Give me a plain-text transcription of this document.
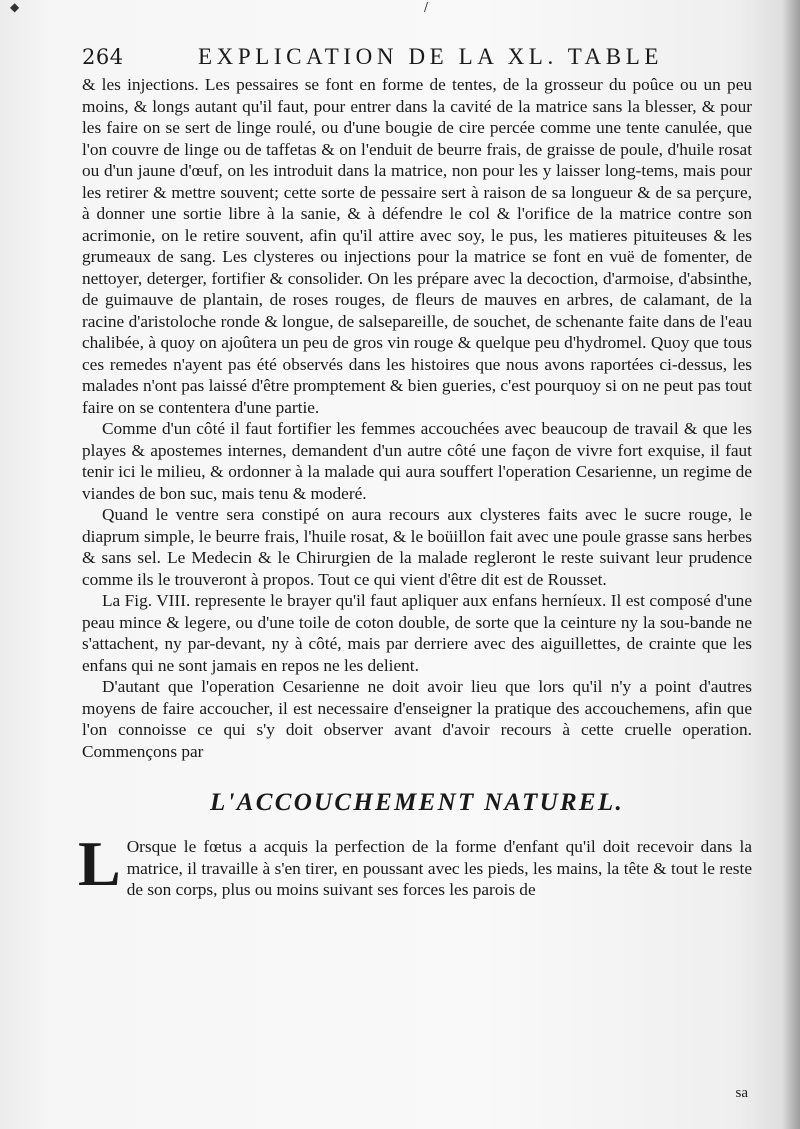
◆	/
264	EXPLICATION DE LA XL. TABLE

& les injections. Les pessaires se font en forme de tentes, de la grosseur du poûce ou un peu moins, & longs autant qu'il faut, pour entrer dans la cavité de la matrice sans la blesser, & pour les faire on se sert de linge roulé, ou d'une bougie de cire percée comme une tente canulée, que l'on couvre de linge ou de taffetas & on l'enduit de beurre frais, de graisse de poule, d'huile rosat ou d'un jaune d'œuf, on les introduit dans la matrice, non pour les y laisser long-tems, mais pour les retirer & mettre souvent; cette sorte de pessaire sert à raison de sa longueur & de sa perçure, à donner une sortie libre à la sanie, & à défendre le col & l'orifice de la matrice contre son acrimonie, on le retire souvent, afin qu'il attire avec soy, le pus, les matieres pituiteuses & les grumeaux de sang. Les clysteres ou injections pour la matrice se font en vuë de fomenter, de nettoyer, deterger, fortifier & consolider. On les prépare avec la decoction, d'armoise, d'absinthe, de guimauve de plantain, de roses rouges, de fleurs de mauves en arbres, de calamant, de la racine d'aristoloche ronde & longue, de salsepareille, de souchet, de schenante faite dans de l'eau chalibée, à quoy on ajoûtera un peu de gros vin rouge & quelque peu d'hydromel. Quoy que tous ces remedes n'ayent pas été observés dans les histoires que nous avons raportées ci-dessus, les malades n'ont pas laissé d'être promptement & bien gueries, c'est pourquoy si on ne peut pas tout faire on se contentera d'une partie.

Comme d'un côté il faut fortifier les femmes accouchées avec beaucoup de travail & que les playes & apostemes internes, demandent d'un autre côté une façon de vivre fort exquise, il faut tenir ici le milieu, & ordonner à la malade qui aura souffert l'operation Cesarienne, un regime de viandes de bon suc, mais tenu & moderé.

Quand le ventre sera constipé on aura recours aux clysteres faits avec le sucre rouge, le diaprum simple, le beurre frais, l'huile rosat, & le boüillon fait avec une poule grasse sans herbes & sans sel. Le Medecin & le Chirurgien de la malade regleront le reste suivant leur prudence comme ils le trouveront à propos. Tout ce qui vient d'être dit est de Rousset.

La Fig. VIII. represente le brayer qu'il faut apliquer aux enfans herníeux. Il est composé d'une peau mince & legere, ou d'une toile de coton double, de sorte que la ceinture ny la sou-bande ne s'attachent, ny par-devant, ny à côté, mais par derriere avec des aiguillettes, de crainte que les enfans qui ne sont jamais en repos ne les delient.

D'autant que l'operation Cesarienne ne doit avoir lieu que lors qu'il n'y a point d'autres moyens de faire accoucher, il est necessaire d'enseigner la pratique des accouchemens, afin que l'on connoisse ce qui s'y doit observer avant d'avoir recours à cette cruelle operation. Commençons par

L'ACCOUCHEMENT NATUREL.

L Orsque le fœtus a acquis la perfection de la forme d'enfant qu'il doit recevoir dans la matrice, il travaille à s'en tirer, en poussant avec les pieds, les mains, la tête & tout le reste de son corps, plus ou moins suivant ses forces les parois de

sa
